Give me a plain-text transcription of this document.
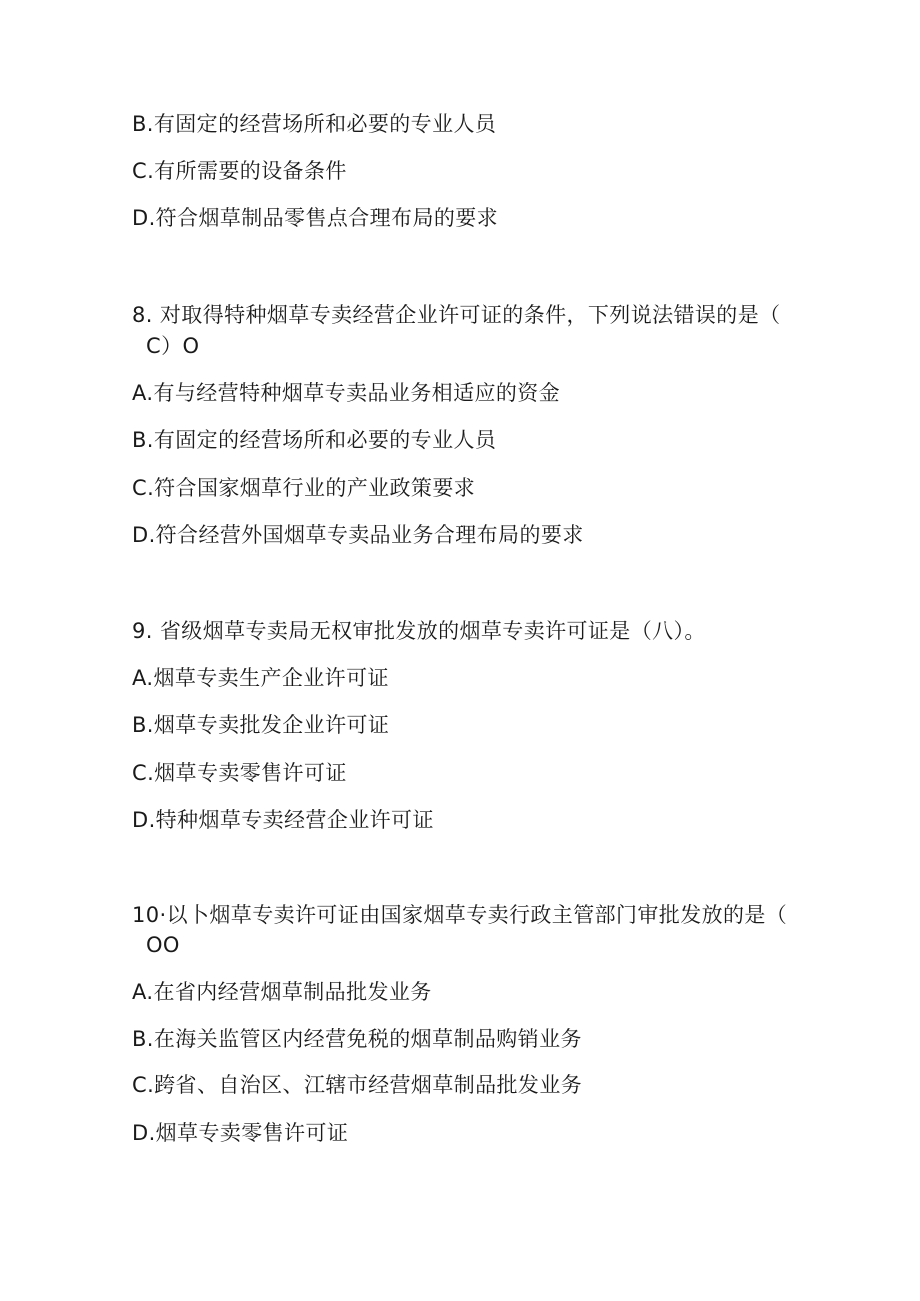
B.有固定的经营场所和必要的专业人员
C.有所需要的设备条件
D.符合烟草制品零售点合理布局的要求
8. 对取得特种烟草专卖经营企业许可证的条件，下列说法错误的是（
C）O
A.有与经营特种烟草专卖品业务相适应的资金
B.有固定的经营场所和必要的专业人员
C.符合国家烟草行业的产业政策要求
D.符合经营外国烟草专卖品业务合理布局的要求
9. 省级烟草专卖局无权审批发放的烟草专卖许可证是（八）。
A.烟草专卖生产企业许可证
B.烟草专卖批发企业许可证
C.烟草专卖零售许可证
D.特种烟草专卖经营企业许可证
10·以卜烟草专卖许可证由国家烟草专卖行政主管部门审批发放的是（
OO
A.在省内经营烟草制品批发业务
B.在海关监管区内经营免税的烟草制品购销业务
C.跨省、自治区、江辖市经营烟草制品批发业务
D.烟草专卖零售许可证
